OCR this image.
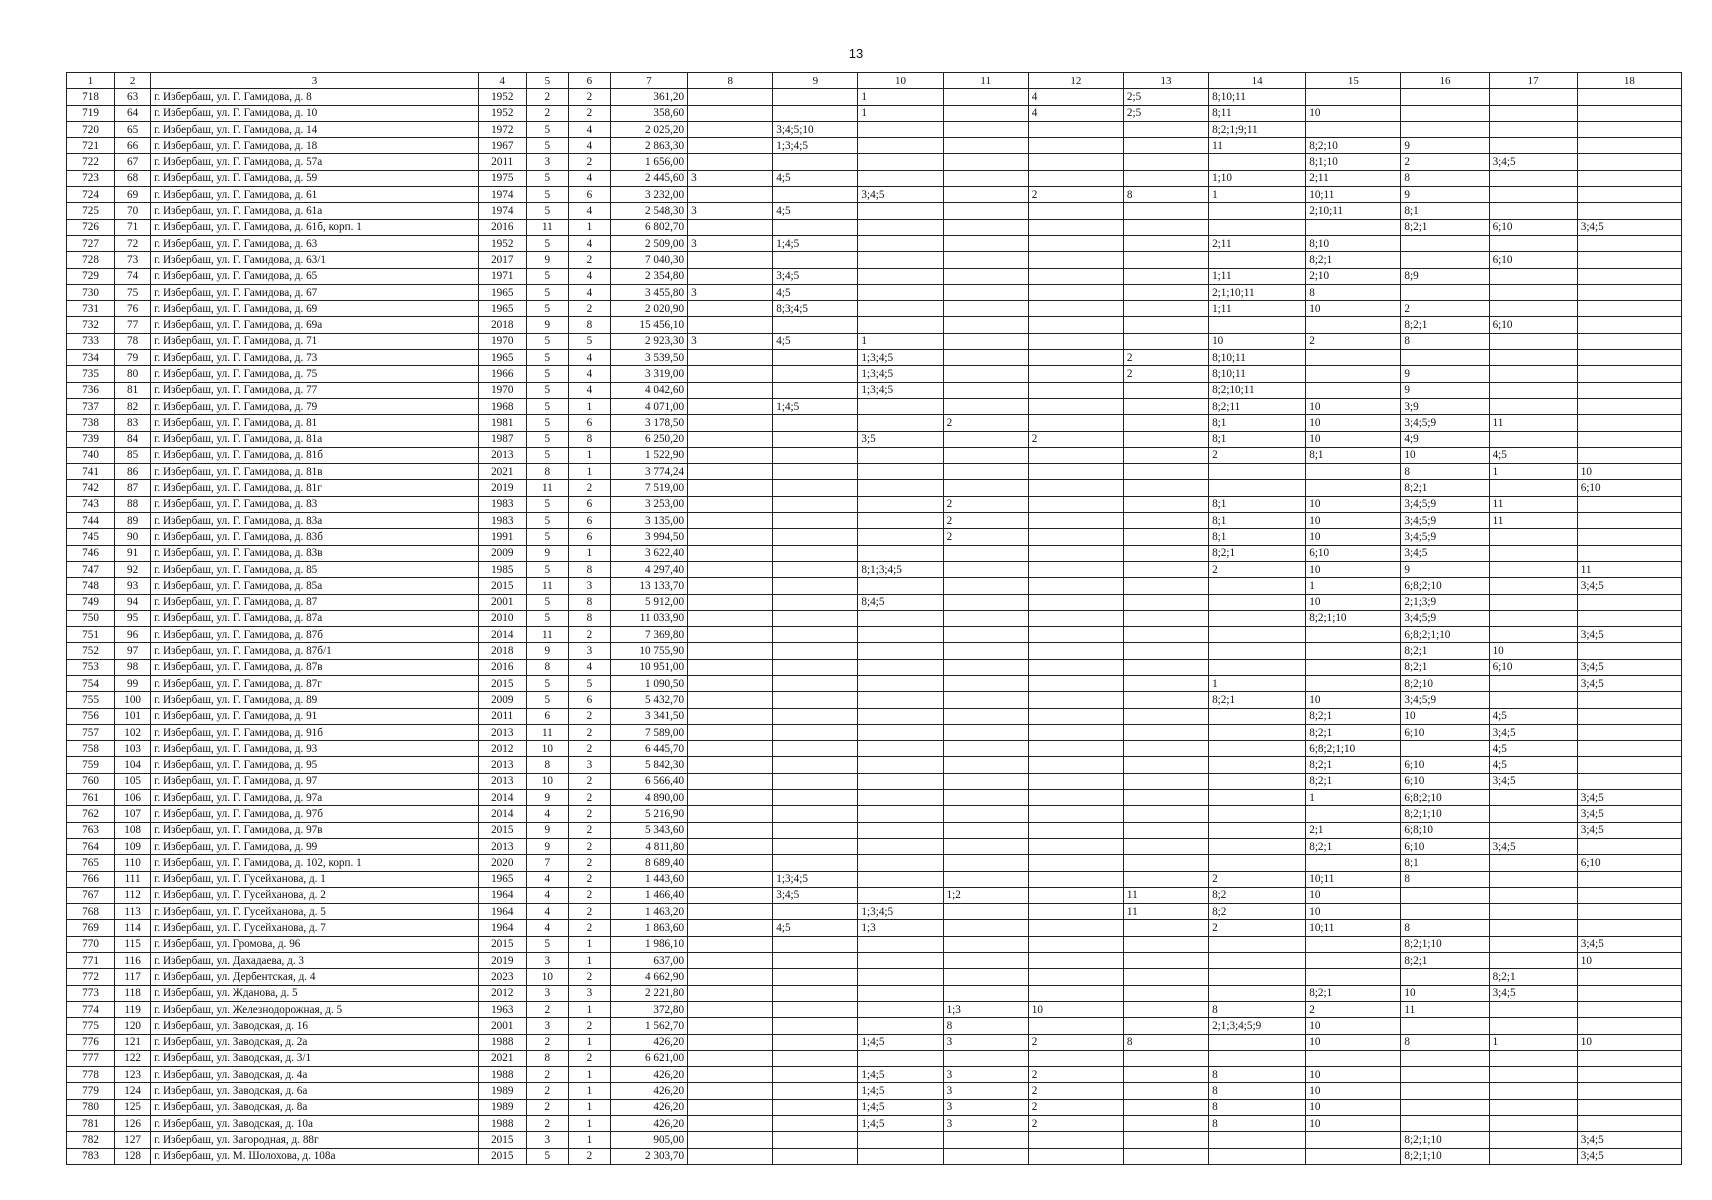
13
1	2	3	4	5	6	7	8	9	10	11	12	13	14	15	16	17	18
718	63	г. Избербаш, ул. Г. Гамидова, д. 8	1952	2	2	361,20			1		4	2;5	8;10;11				
719	64	г. Избербаш, ул. Г. Гамидова, д. 10	1952	2	2	358,60			1		4	2;5	8;11	10			
720	65	г. Избербаш, ул. Г. Гамидова, д. 14	1972	5	4	2 025,20		3;4;5;10					8;2;1;9;11				
721	66	г. Избербаш, ул. Г. Гамидова, д. 18	1967	5	4	2 863,30		1;3;4;5					11	8;2;10	9		
722	67	г. Избербаш, ул. Г. Гамидова, д. 57а	2011	3	2	1 656,00								8;1;10	2	3;4;5	
723	68	г. Избербаш, ул. Г. Гамидова, д. 59	1975	5	4	2 445,60	3	4;5					1;10	2;11	8		
724	69	г. Избербаш, ул. Г. Гамидова, д. 61	1974	5	6	3 232,00			3;4;5		2	8	1	10;11	9		
725	70	г. Избербаш, ул. Г. Гамидова, д. 61а	1974	5	4	2 548,30	3	4;5						2;10;11	8;1		
726	71	г. Избербаш, ул. Г. Гамидова, д. 61б, корп. 1	2016	11	1	6 802,70									8;2;1	6;10	3;4;5
727	72	г. Избербаш, ул. Г. Гамидова, д. 63	1952	5	4	2 509,00	3	1;4;5					2;11	8;10			
728	73	г. Избербаш, ул. Г. Гамидова, д. 63/1	2017	9	2	7 040,30								8;2;1		6;10	
729	74	г. Избербаш, ул. Г. Гамидова, д. 65	1971	5	4	2 354,80		3;4;5					1;11	2;10	8;9		
730	75	г. Избербаш, ул. Г. Гамидова, д. 67	1965	5	4	3 455,80	3	4;5					2;1;10;11	8			
731	76	г. Избербаш, ул. Г. Гамидова, д. 69	1965	5	2	2 020,90		8;3;4;5					1;11	10	2		
732	77	г. Избербаш, ул. Г. Гамидова, д. 69а	2018	9	8	15 456,10									8;2;1	6;10	
733	78	г. Избербаш, ул. Г. Гамидова, д. 71	1970	5	5	2 923,30	3	4;5	1				10	2	8		
734	79	г. Избербаш, ул. Г. Гамидова, д. 73	1965	5	4	3 539,50			1;3;4;5			2	8;10;11				
735	80	г. Избербаш, ул. Г. Гамидова, д. 75	1966	5	4	3 319,00			1;3;4;5			2	8;10;11		9		
736	81	г. Избербаш, ул. Г. Гамидова, д. 77	1970	5	4	4 042,60			1;3;4;5				8;2;10;11		9		
737	82	г. Избербаш, ул. Г. Гамидова, д. 79	1968	5	1	4 071,00		1;4;5					8;2;11	10	3;9		
738	83	г. Избербаш, ул. Г. Гамидова, д. 81	1981	5	6	3 178,50				2			8;1	10	3;4;5;9	11	
739	84	г. Избербаш, ул. Г. Гамидова, д. 81а	1987	5	8	6 250,20			3;5		2		8;1	10	4;9		
740	85	г. Избербаш, ул. Г. Гамидова, д. 81б	2013	5	1	1 522,90							2	8;1	10	4;5	
741	86	г. Избербаш, ул. Г. Гамидова, д. 81в	2021	8	1	3 774,24									8	1	10
742	87	г. Избербаш, ул. Г. Гамидова, д. 81г	2019	11	2	7 519,00									8;2;1		6;10
743	88	г. Избербаш, ул. Г. Гамидова, д. 83	1983	5	6	3 253,00				2			8;1	10	3;4;5;9	11	
744	89	г. Избербаш, ул. Г. Гамидова, д. 83а	1983	5	6	3 135,00				2			8;1	10	3;4;5;9	11	
745	90	г. Избербаш, ул. Г. Гамидова, д. 83б	1991	5	6	3 994,50				2			8;1	10	3;4;5;9		
746	91	г. Избербаш, ул. Г. Гамидова, д. 83в	2009	9	1	3 622,40							8;2;1	6;10	3;4;5		
747	92	г. Избербаш, ул. Г. Гамидова, д. 85	1985	5	8	4 297,40			8;1;3;4;5				2	10	9		11
748	93	г. Избербаш, ул. Г. Гамидова, д. 85а	2015	11	3	13 133,70								1	6;8;2;10		3;4;5
749	94	г. Избербаш, ул. Г. Гамидова, д. 87	2001	5	8	5 912,00			8;4;5					10	2;1;3;9		
750	95	г. Избербаш, ул. Г. Гамидова, д. 87а	2010	5	8	11 033,90								8;2;1;10	3;4;5;9		
751	96	г. Избербаш, ул. Г. Гамидова, д. 87б	2014	11	2	7 369,80									6;8;2;1;10		3;4;5
752	97	г. Избербаш, ул. Г. Гамидова, д. 87б/1	2018	9	3	10 755,90									8;2;1	10	
753	98	г. Избербаш, ул. Г. Гамидова, д. 87в	2016	8	4	10 951,00									8;2;1	6;10	3;4;5
754	99	г. Избербаш, ул. Г. Гамидова, д. 87г	2015	5	5	1 090,50							1		8;2;10		3;4;5
755	100	г. Избербаш, ул. Г. Гамидова, д. 89	2009	5	6	5 432,70							8;2;1	10	3;4;5;9		
756	101	г. Избербаш, ул. Г. Гамидова, д. 91	2011	6	2	3 341,50								8;2;1	10	4;5	
757	102	г. Избербаш, ул. Г. Гамидова, д. 91б	2013	11	2	7 589,00								8;2;1	6;10	3;4;5	
758	103	г. Избербаш, ул. Г. Гамидова, д. 93	2012	10	2	6 445,70								6;8;2;1;10		4;5	
759	104	г. Избербаш, ул. Г. Гамидова, д. 95	2013	8	3	5 842,30								8;2;1	6;10	4;5	
760	105	г. Избербаш, ул. Г. Гамидова, д. 97	2013	10	2	6 566,40								8;2;1	6;10	3;4;5	
761	106	г. Избербаш, ул. Г. Гамидова, д. 97а	2014	9	2	4 890,00								1	6;8;2;10		3;4;5
762	107	г. Избербаш, ул. Г. Гамидова, д. 97б	2014	4	2	5 216,90									8;2;1;10		3;4;5
763	108	г. Избербаш, ул. Г. Гамидова, д. 97в	2015	9	2	5 343,60								2;1	6;8;10		3;4;5
764	109	г. Избербаш, ул. Г. Гамидова, д. 99	2013	9	2	4 811,80								8;2;1	6;10	3;4;5	
765	110	г. Избербаш, ул. Г. Гамидова, д. 102, корп. 1	2020	7	2	8 689,40									8;1		6;10
766	111	г. Избербаш, ул. Г. Гусейханова, д. 1	1965	4	2	1 443,60		1;3;4;5					2	10;11	8		
767	112	г. Избербаш, ул. Г. Гусейханова, д. 2	1964	4	2	1 466,40		3;4;5		1;2		11	8;2	10			
768	113	г. Избербаш, ул. Г. Гусейханова, д. 5	1964	4	2	1 463,20			1;3;4;5			11	8;2	10			
769	114	г. Избербаш, ул. Г. Гусейханова, д. 7	1964	4	2	1 863,60		4;5	1;3				2	10;11	8		
770	115	г. Избербаш, ул. Громова, д. 96	2015	5	1	1 986,10									8;2;1;10		3;4;5
771	116	г. Избербаш, ул. Дахадаева, д. 3	2019	3	1	637,00									8;2;1		10
772	117	г. Избербаш, ул. Дербентская, д. 4	2023	10	2	4 662,90										8;2;1	
773	118	г. Избербаш, ул. Жданова, д. 5	2012	3	3	2 221,80								8;2;1	10	3;4;5	
774	119	г. Избербаш, ул. Железнодорожная, д. 5	1963	2	1	372,80				1;3	10		8	2	11		
775	120	г. Избербаш, ул. Заводская, д. 16	2001	3	2	1 562,70				8			2;1;3;4;5;9	10			
776	121	г. Избербаш, ул. Заводская, д. 2а	1988	2	1	426,20			1;4;5	3	2	8		10	8	1	10
777	122	г. Избербаш, ул. Заводская, д. 3/1	2021	8	2	6 621,00											
778	123	г. Избербаш, ул. Заводская, д. 4а	1988	2	1	426,20			1;4;5	3	2		8	10			
779	124	г. Избербаш, ул. Заводская, д. 6а	1989	2	1	426,20			1;4;5	3	2		8	10			
780	125	г. Избербаш, ул. Заводская, д. 8а	1989	2	1	426,20			1;4;5	3	2		8	10			
781	126	г. Избербаш, ул. Заводская, д. 10а	1988	2	1	426,20			1;4;5	3	2		8	10			
782	127	г. Избербаш, ул. Загородная, д. 88г	2015	3	1	905,00									8;2;1;10		3;4;5
783	128	г. Избербаш, ул. М. Шолохова, д. 108а	2015	5	2	2 303,70									8;2;1;10		3;4;5
